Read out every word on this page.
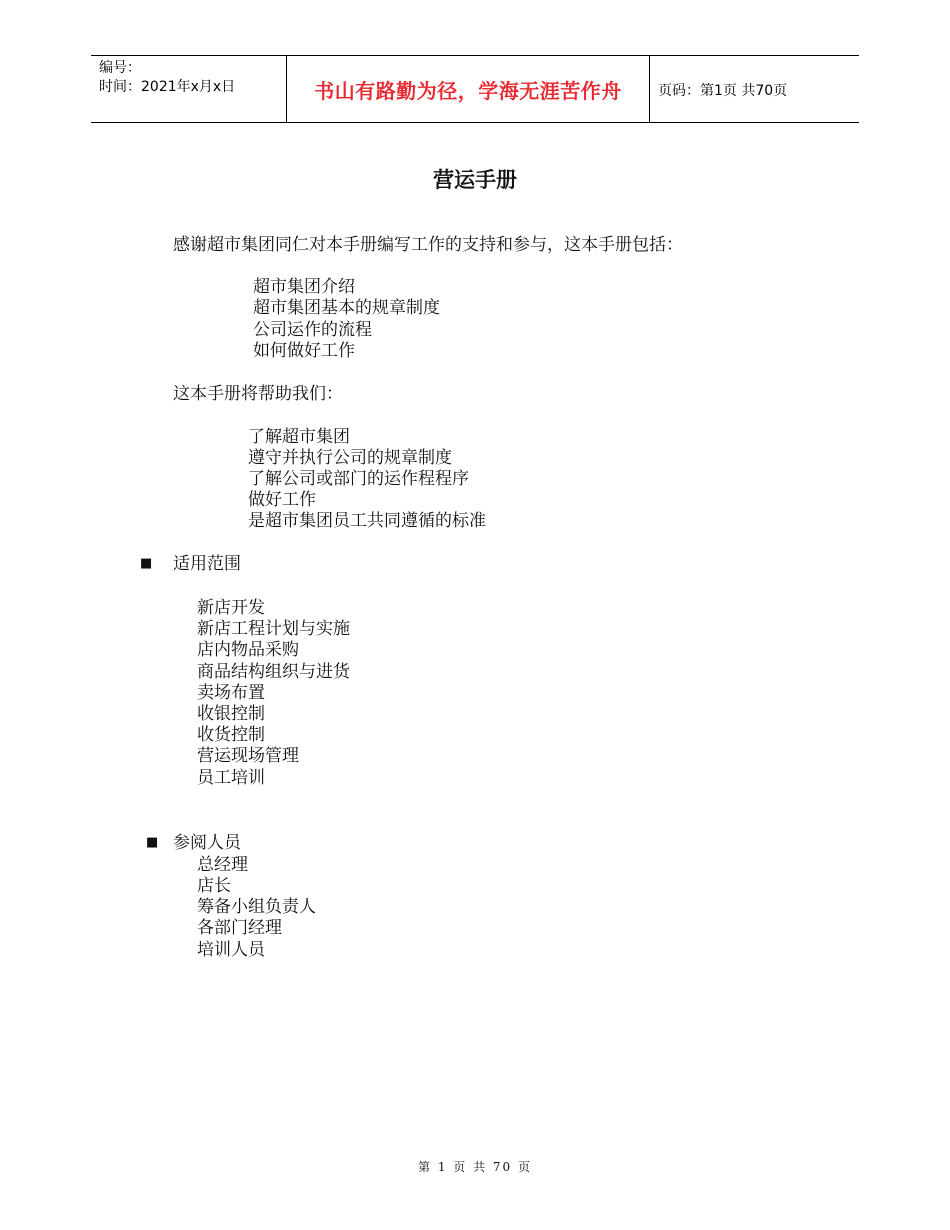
编号：
时间：2021年x月x日	书山有路勤为径，学海无涯苦作舟	页码：第1页 共70页
营运手册
感谢超市集团同仁对本手册编写工作的支持和参与，这本手册包括：
超市集团介绍
超市集团基本的规章制度
公司运作的流程
如何做好工作
这本手册将帮助我们：
了解超市集团
遵守并执行公司的规章制度
了解公司或部门的运作程程序
做好工作
是超市集团员工共同遵循的标准
■ 适用范围
新店开发
新店工程计划与实施
店内物品采购
商品结构组织与进货
卖场布置
收银控制
收货控制
营运现场管理
员工培训
■ 参阅人员
总经理
店长
筹备小组负责人
各部门经理
培训人员
第 1 页 共 70 页
